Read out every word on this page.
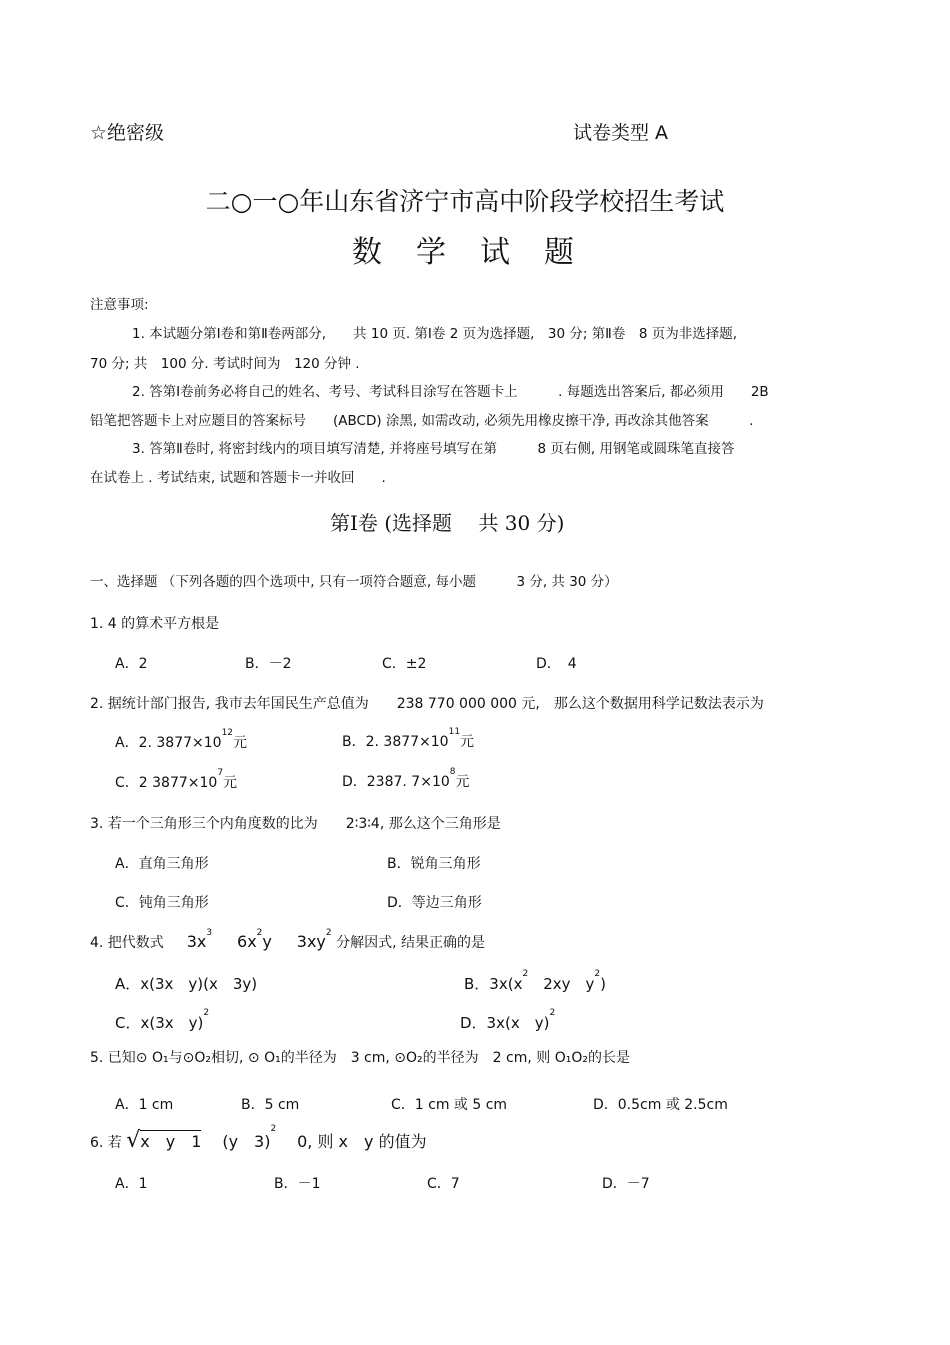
☆绝密级	试卷类型 A
二○一○年山东省济宁市高中阶段学校招生考试
数学试题
注意事项:
1. 本试题分第Ⅰ卷和第Ⅱ卷两部分,　　共 10 页. 第Ⅰ卷 2 页为选择题,　30 分; 第Ⅱ卷　8 页为非选择题,
70 分; 共　100 分. 考试时间为　120 分钟 .
2. 答第Ⅰ卷前务必将自己的姓名、考号、考试科目涂写在答题卡上　　　. 每题选出答案后, 都必须用　　2B
铅笔把答题卡上对应题目的答案标号　　(ABCD) 涂黑, 如需改动, 必须先用橡皮擦干净, 再改涂其他答案　　　.
3. 答第Ⅱ卷时, 将密封线内的项目填写清楚, 并将座号填写在第　　　8 页右侧, 用钢笔或圆珠笔直接答
在试卷上 . 考试结束, 试题和答题卡一并收回　　.
第Ⅰ卷 (选择题　 共 30 分)
一、选择题 （下列各题的四个选项中, 只有一项符合题意, 每小题　　　3 分, 共 30 分）
1. 4 的算术平方根是
A．2	B．－2	C．±2	D．　4
2. 据统计部门报告, 我市去年国民生产总值为　　238 770 000 000 元,　那么这个数据用科学记数法表示为
A．2. $3877\times 10^{12}$元	B．2. $3877\times 10^{11}$元
C．2 $3877\times 10^7$元	D．2387. $7\times 10^8$元
3. 若一个三角形三个内角度数的比为　　2∶3∶4, 那么这个三角形是
A．直角三角形	B．锐角三角形
C．钝角三角形	D．等边三角形
4. 把代数式 $3x^3$ $6x^2y$ $3xy^2$ 分解因式, 结果正确的是
A．x(3x　y)(x　3y)	B．$3x(x^2$　2xy　$y^2$)
C．x(3x　y)$^2$
D．3x(x　y)$^2$
5. 已知⊙ O₁与⊙O₂相切, ⊙ O₁的半径为　3 cm, ⊙O₂的半径为　2 cm, 则 O₁O₂的长是
A．1 cm	B．5 cm	C．1 cm 或 5 cm	D．0.5cm 或 2.5cm
6. 若 √x　y　1 (y　3)$^2$  0, 则 x　y 的值为
A．1	B．－1	C．7	D．－7
